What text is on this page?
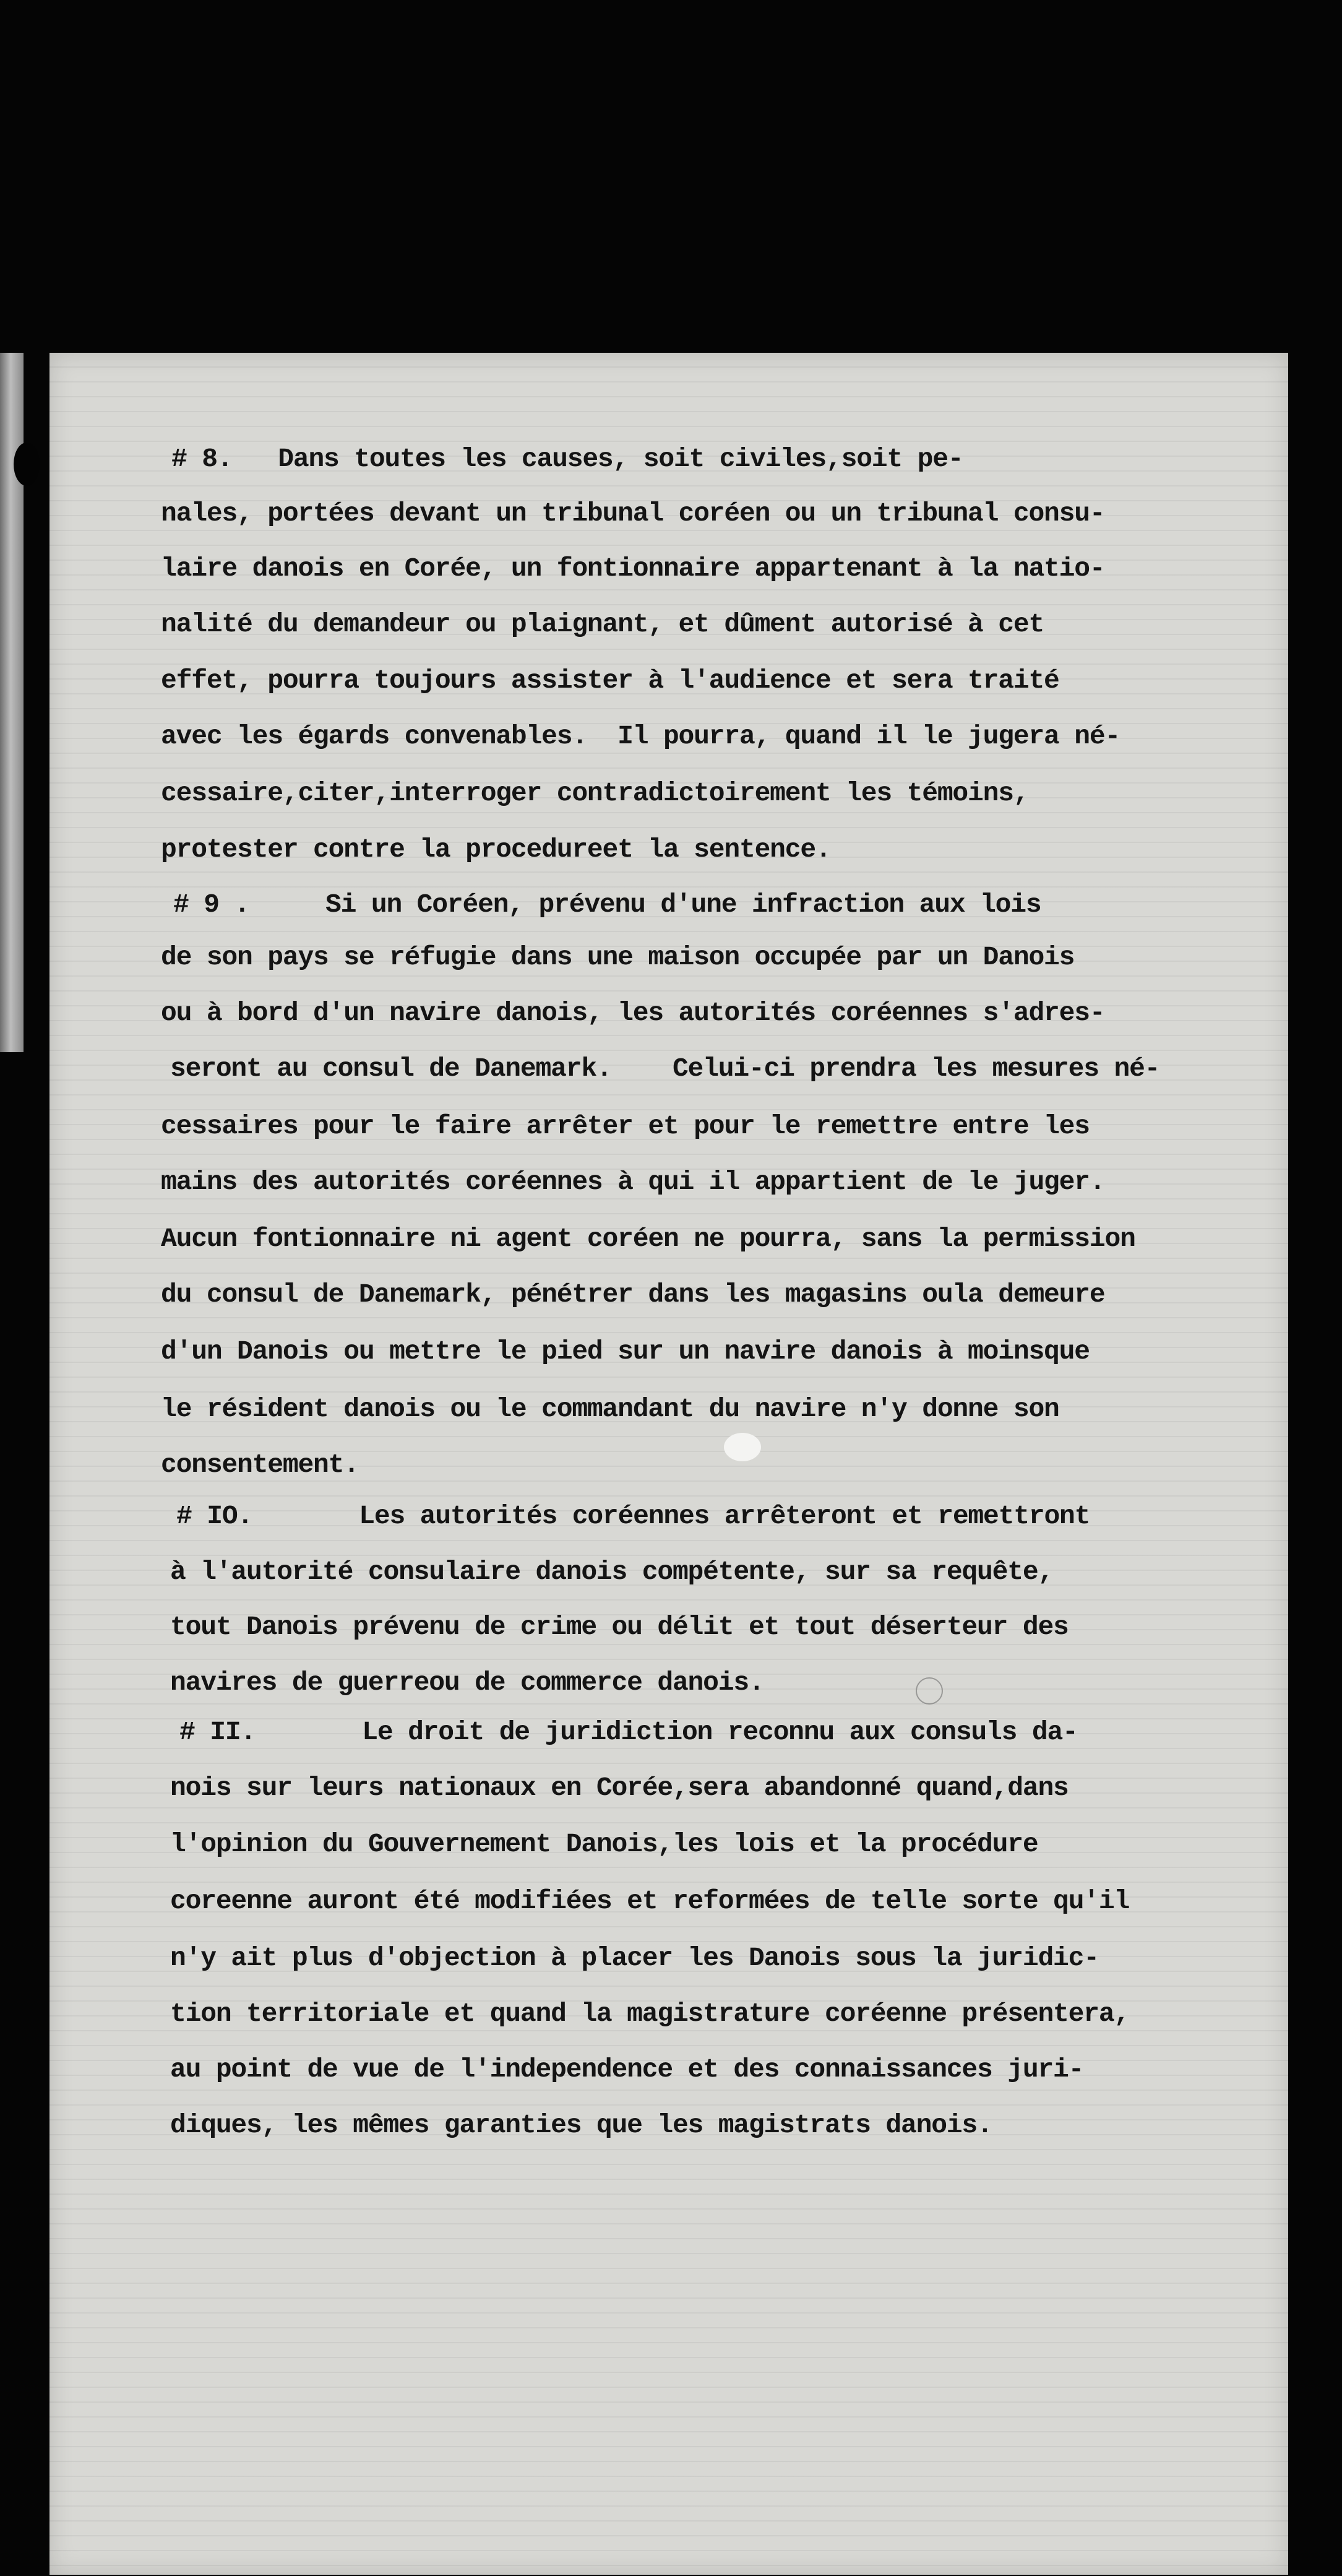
# 8.   Dans toutes les causes, soit civiles,soit pe-
nales, portées devant un tribunal coréen ou un tribunal consu-
laire danois en Corée, un fontionnaire appartenant à la natio-
nalité du demandeur ou plaignant, et dûment autorisé à cet
effet, pourra toujours assister à l'audience et sera traité
avec les égards convenables.  Il pourra, quand il le jugera né-
cessaire,citer,interroger contradictoirement les témoins,
protester contre la procedureet la sentence.
# 9 .     Si un Coréen, prévenu d'une infraction aux lois
de son pays se réfugie dans une maison occupée par un Danois
ou à bord d'un navire danois, les autorités coréennes s'adres-
seront au consul de Danemark.    Celui-ci prendra les mesures né-
cessaires pour le faire arrêter et pour le remettre entre les
mains des autorités coréennes à qui il appartient de le juger.
Aucun fontionnaire ni agent coréen ne pourra, sans la permission
du consul de Danemark, pénétrer dans les magasins oula demeure
d'un Danois ou mettre le pied sur un navire danois à moinsque
le résident danois ou le commandant du navire n'y donne son
consentement.
# IO.       Les autorités coréennes arrêteront et remettront
à l'autorité consulaire danois compétente, sur sa requête,
tout Danois prévenu de crime ou délit et tout déserteur des
navires de guerreou de commerce danois.
# II.       Le droit de juridiction reconnu aux consuls da-
nois sur leurs nationaux en Corée,sera abandonné quand,dans
l'opinion du Gouvernement Danois,les lois et la procédure
coreenne auront été modifiées et reformées de telle sorte qu'il
n'y ait plus d'objection à placer les Danois sous la juridic-
tion territoriale et quand la magistrature coréenne présentera,
au point de vue de l'independence et des connaissances juri-
diques, les mêmes garanties que les magistrats danois.
